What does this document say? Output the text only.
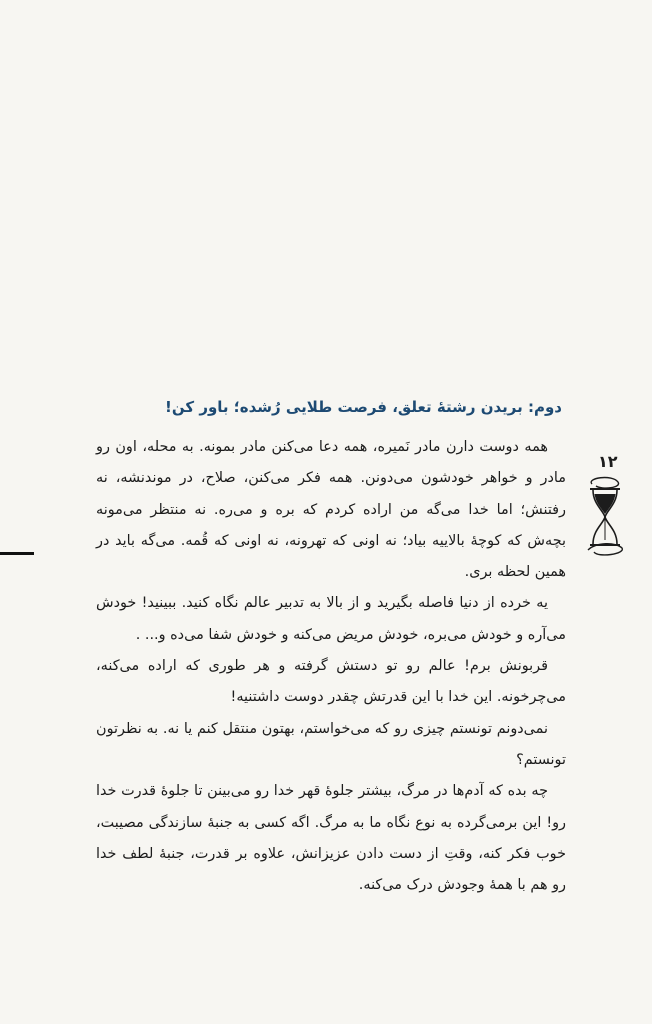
۱۲
دوم: بریدن رشتهٔ تعلق، فرصت طلایی رُشده؛ باور کن!

همه دوست دارن مادر نَمیره، همه دعا می‌کنن مادر بمونه. به محله، اون رو مادر و خواهر خودشون می‌دونن. همه فکر می‌کنن، صلاح، در موندنشه، نه رفتنش؛ اما خدا می‌گه من اراده کردم که بره و می‌ره. نه منتظر می‌مونه بچه‌ش که کوچهٔ بالاییه بیاد؛ نه اونی که تهرونه، نه اونی که قُمه. می‌گه باید در همین لحظه بری.

یه خرده از دنیا فاصله بگیرید و از بالا به تدبیر عالم نگاه کنید. ببینید! خودش می‌آره و خودش می‌بره، خودش مریض می‌کنه و خودش شفا می‌ده و... .

قربونش برم! عالم رو تو دستش گرفته و هر طوری که اراده می‌کنه، می‌چرخونه. این خدا با این قدرتش چقدر دوست داشتنیه!

نمی‌دونم تونستم چیزی رو که می‌خواستم، بهتون منتقل کنم یا نه. به نظرتون تونستم؟

چه بده که آدم‌ها در مرگ، بیشتر جلوهٔ قهر خدا رو می‌بینن تا جلوهٔ قدرت خدا رو! این برمی‌گرده به نوع نگاه ما به مرگ. اگه کسی به جنبهٔ سازندگی مصیبت، خوب فکر کنه، وقتِ از دست دادن عزیزانش، علاوه بر قدرت، جنبهٔ لطف خدا رو هم با همهٔ وجودش درک می‌کنه.
